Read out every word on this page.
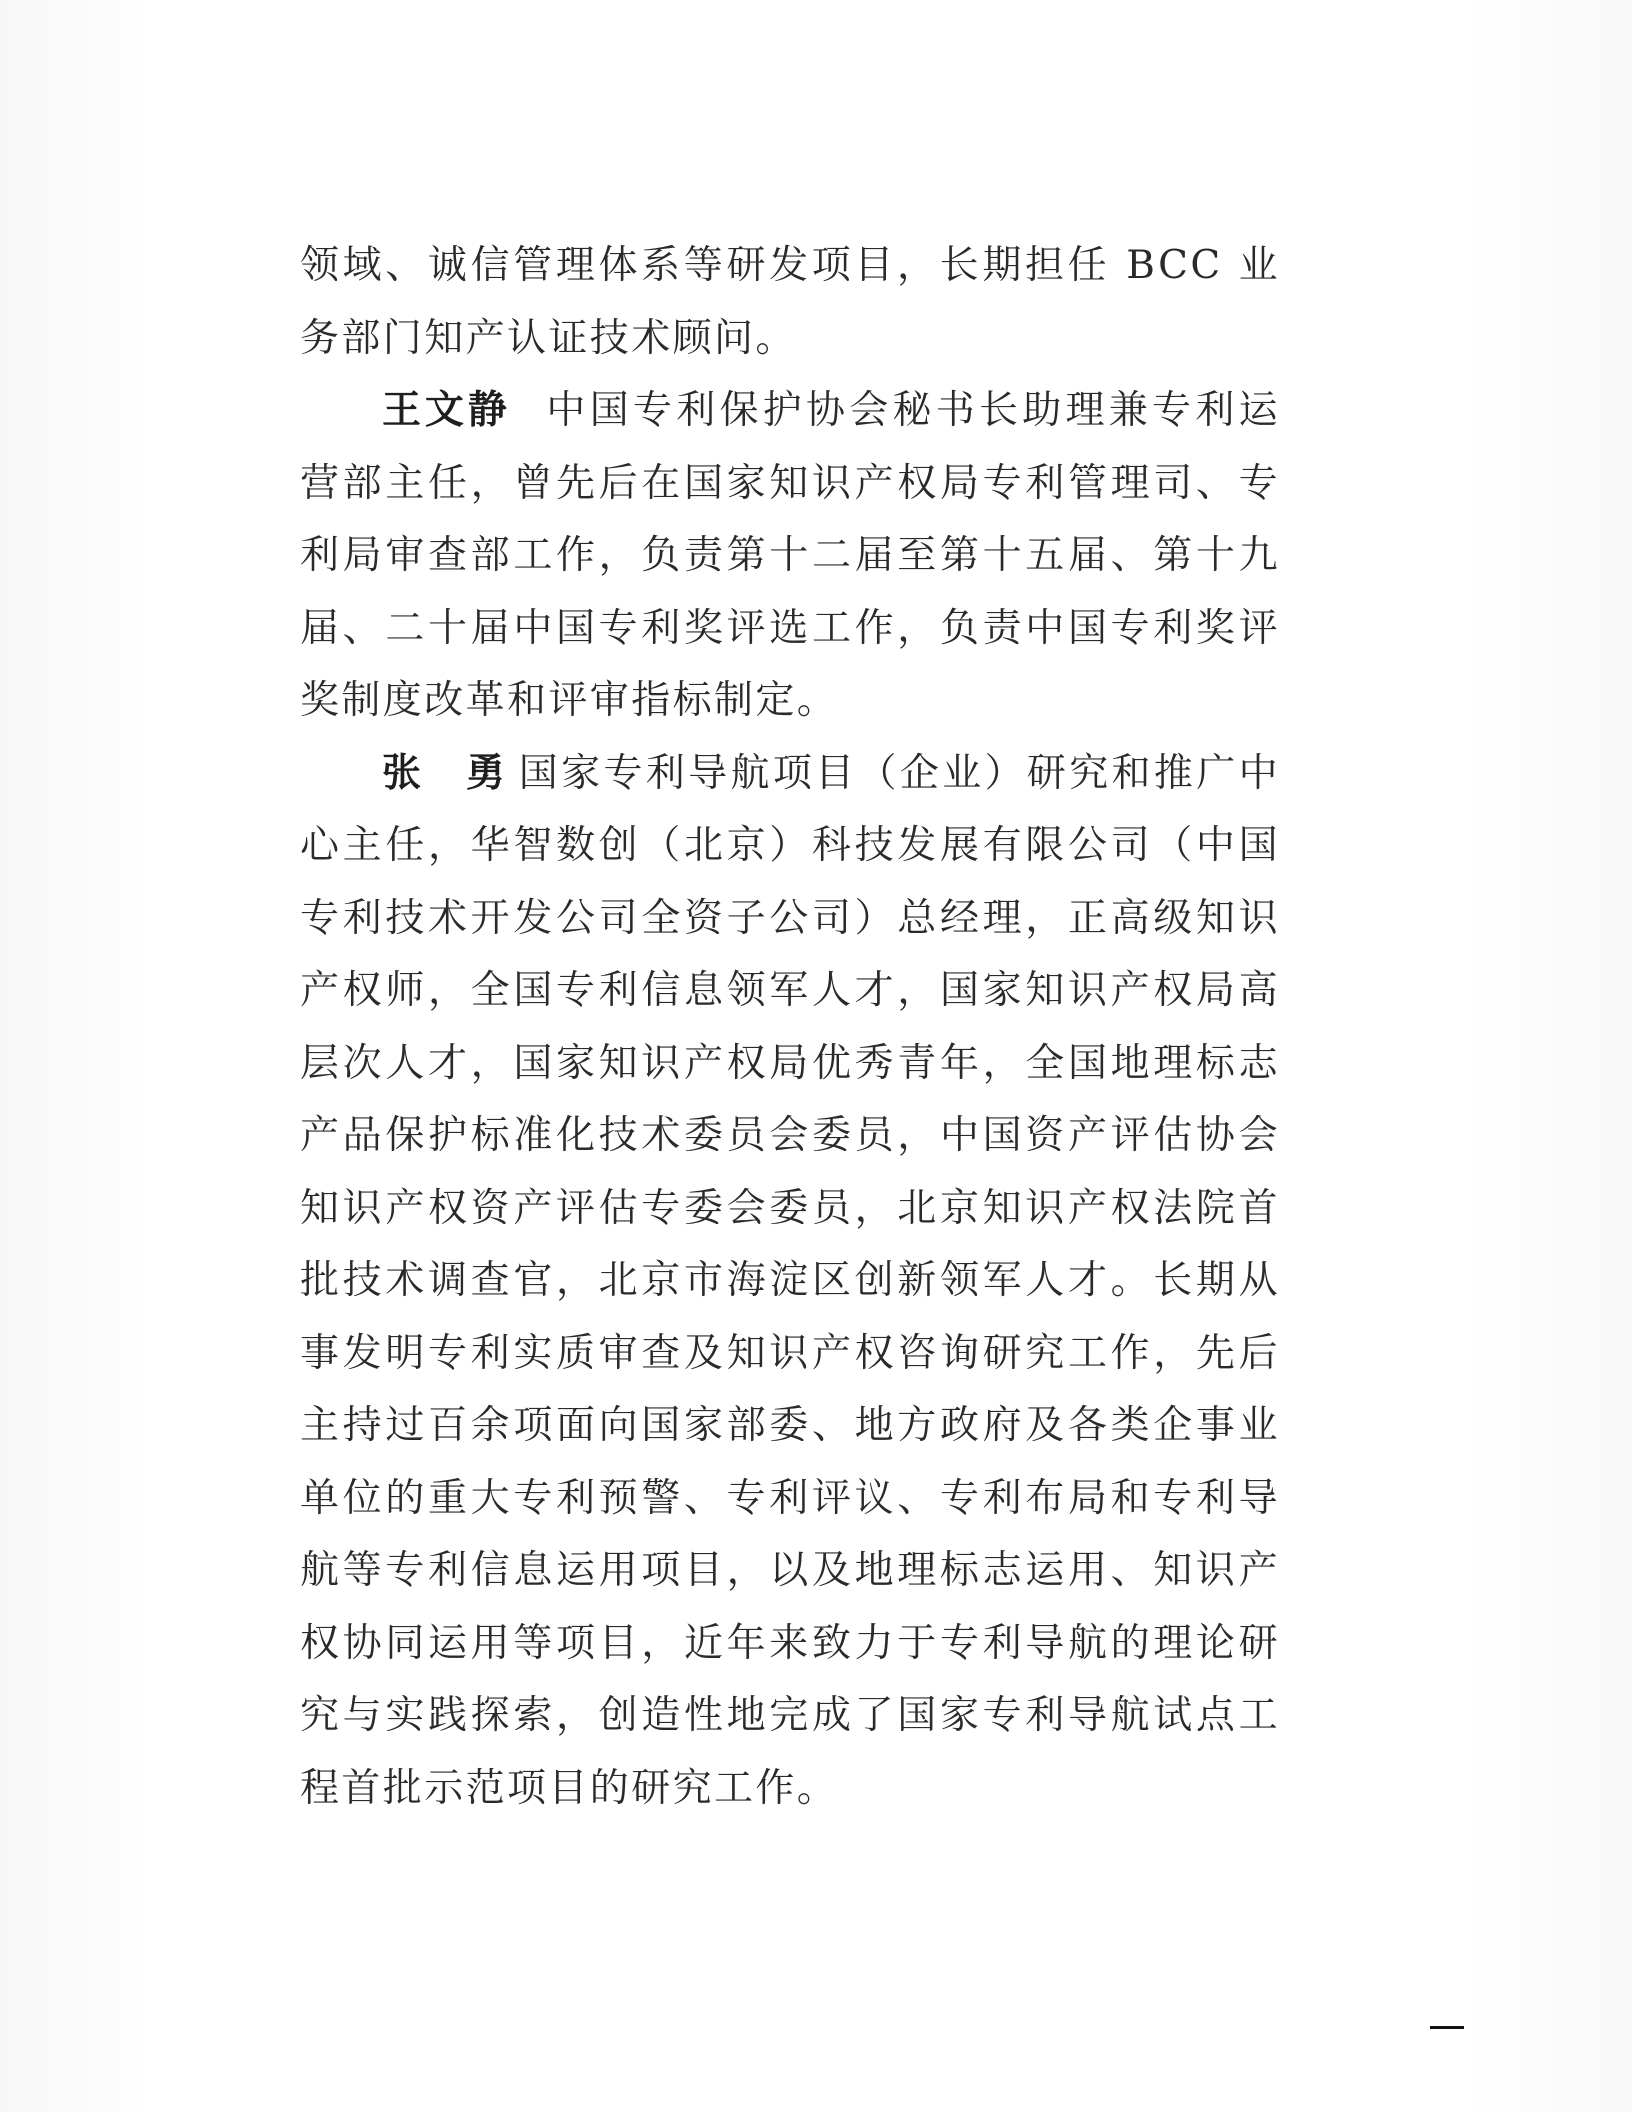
领域、诚信管理体系等研发项目，长期担任 BCC 业务部门知产认证技术顾问。

王文静 中国专利保护协会秘书长助理兼专利运营部主任，曾先后在国家知识产权局专利管理司、专利局审查部工作，负责第十二届至第十五届、第十九届、二十届中国专利奖评选工作，负责中国专利奖评奖制度改革和评审指标制定。

张　勇 国家专利导航项目（企业）研究和推广中心主任，华智数创（北京）科技发展有限公司（中国专利技术开发公司全资子公司）总经理，正高级知识产权师，全国专利信息领军人才，国家知识产权局高层次人才，国家知识产权局优秀青年，全国地理标志产品保护标准化技术委员会委员，中国资产评估协会知识产权资产评估专委会委员，北京知识产权法院首批技术调查官，北京市海淀区创新领军人才。长期从事发明专利实质审查及知识产权咨询研究工作，先后主持过百余项面向国家部委、地方政府及各类企事业单位的重大专利预警、专利评议、专利布局和专利导航等专利信息运用项目，以及地理标志运用、知识产权协同运用等项目，近年来致力于专利导航的理论研究与实践探索，创造性地完成了国家专利导航试点工程首批示范项目的研究工作。
